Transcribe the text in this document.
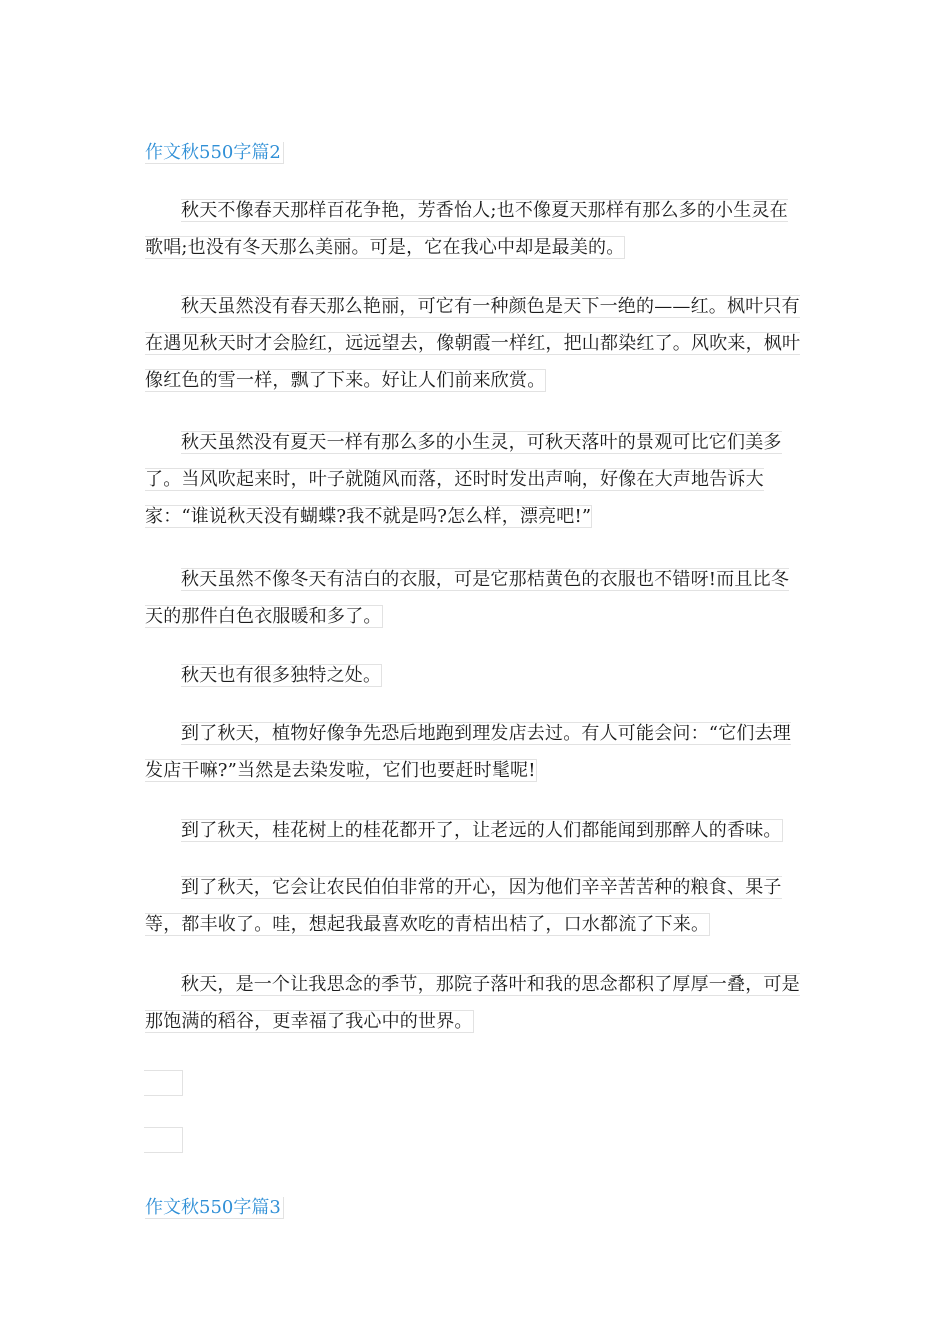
作文秋550字篇2
秋天不像春天那样百花争艳，芳香怡人;也不像夏天那样有那么多的小生灵在歌唱;也没有冬天那么美丽。可是，它在我心中却是最美的。
秋天虽然没有春天那么艳丽，可它有一种颜色是天下一绝的——红。枫叶只有在遇见秋天时才会脸红，远远望去，像朝霞一样红，把山都染红了。风吹来，枫叶像红色的雪一样，飘了下来。好让人们前来欣赏。
秋天虽然没有夏天一样有那么多的小生灵，可秋天落叶的景观可比它们美多了。当风吹起来时，叶子就随风而落，还时时发出声响，好像在大声地告诉大家：“谁说秋天没有蝴蝶?我不就是吗?怎么样，漂亮吧!”
秋天虽然不像冬天有洁白的衣服，可是它那桔黄色的衣服也不错呀!而且比冬天的那件白色衣服暖和多了。
秋天也有很多独特之处。
到了秋天，植物好像争先恐后地跑到理发店去过。有人可能会问：“它们去理发店干嘛?”当然是去染发啦，它们也要赶时髦呢!
到了秋天，桂花树上的桂花都开了，让老远的人们都能闻到那醉人的香味。
到了秋天，它会让农民伯伯非常的开心，因为他们辛辛苦苦种的粮食、果子等，都丰收了。哇，想起我最喜欢吃的青桔出桔了，口水都流了下来。
秋天，是一个让我思念的季节，那院子落叶和我的思念都积了厚厚一叠，可是那饱满的稻谷，更幸福了我心中的世界。
作文秋550字篇3
